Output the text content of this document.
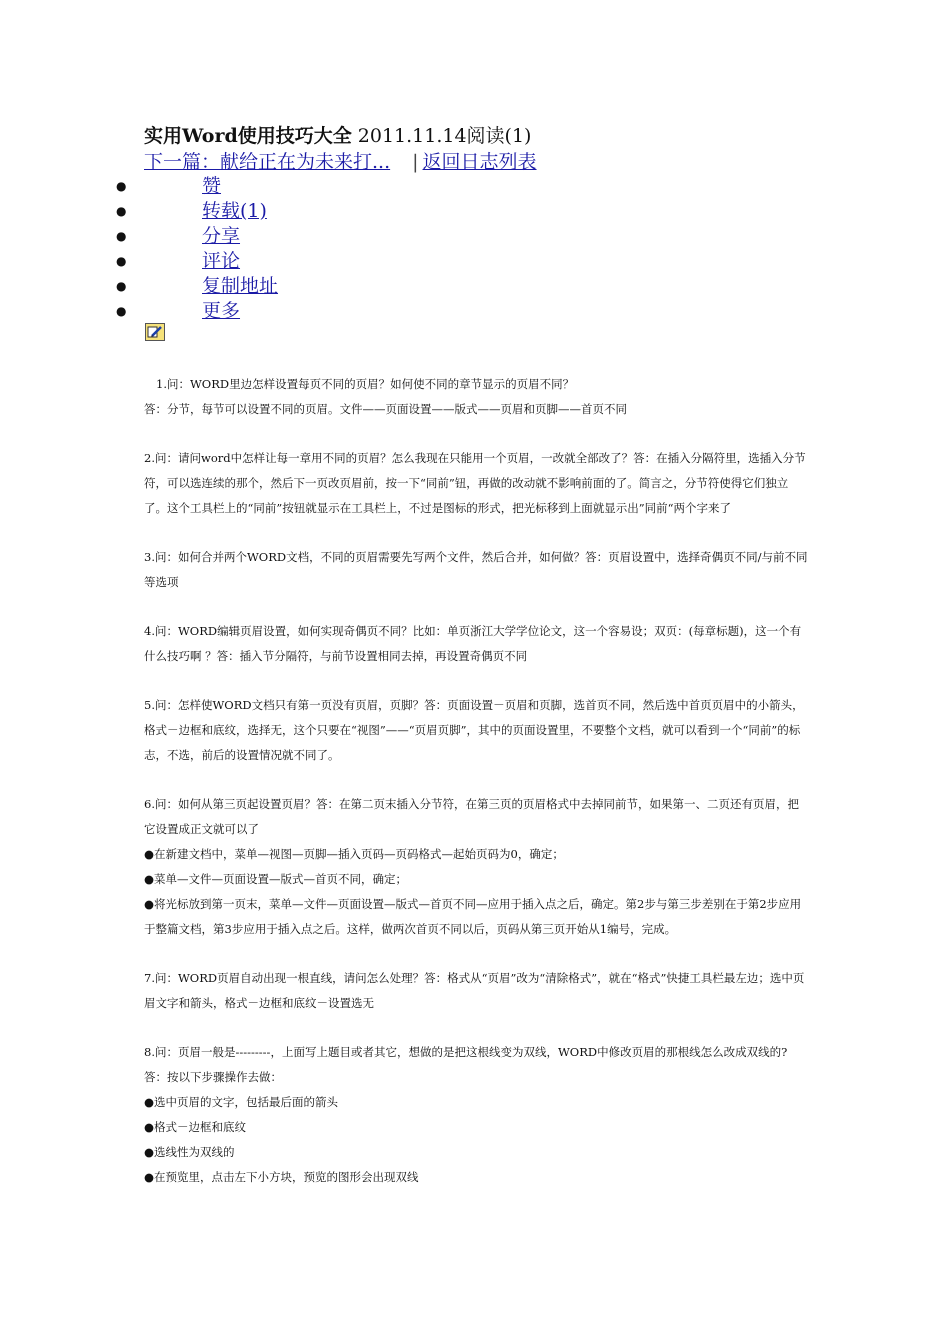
实用Word使用技巧大全 2011.11.14阅读(1)
下一篇：献给正在为未来打... | 返回日志列表
●	赞
●	转载(1)
●	分享
●	评论
●	复制地址
●	更多

1.问：WORD里边怎样设置每页不同的页眉？如何使不同的章节显示的页眉不同？

答：分节，每节可以设置不同的页眉。文件——页面设置——版式——页眉和页脚——首页不同

2.问：请问word中怎样让每一章用不同的页眉？怎么我现在只能用一个页眉，一改就全部改了？答：在插入分隔符里，选插入分节符，可以选连续的那个，然后下一页改页眉前，按一下“同前”钮，再做的改动就不影响前面的了。简言之，分节符使得它们独立了。这个工具栏上的“同前”按钮就显示在工具栏上，不过是图标的形式，把光标移到上面就显示出”同前“两个字来了

3.问：如何合并两个WORD文档，不同的页眉需要先写两个文件，然后合并，如何做？答：页眉设置中，选择奇偶页不同/与前不同等选项

4.问：WORD编辑页眉设置，如何实现奇偶页不同？比如：单页浙江大学学位论文，这一个容易设；双页：(每章标题)，这一个有什么技巧啊 ？答：插入节分隔符，与前节设置相同去掉，再设置奇偶页不同

5.问：怎样使WORD文档只有第一页没有页眉，页脚？答：页面设置－页眉和页脚，选首页不同，然后选中首页页眉中的小箭头，格式－边框和底纹，选择无，这个只要在“视图”——“页眉页脚”，其中的页面设置里，不要整个文档，就可以看到一个“同前”的标志，不选，前后的设置情况就不同了。

6.问：如何从第三页起设置页眉？答：在第二页末插入分节符，在第三页的页眉格式中去掉同前节，如果第一、二页还有页眉，把它设置成正文就可以了

●在新建文档中，菜单—视图—页脚—插入页码—页码格式—起始页码为0，确定；

●菜单—文件—页面设置—版式—首页不同，确定；

●将光标放到第一页末，菜单—文件—页面设置—版式—首页不同—应用于插入点之后，确定。第2步与第三步差别在于第2步应用于整篇文档，第3步应用于插入点之后。这样，做两次首页不同以后，页码从第三页开始从1编号，完成。

7.问：WORD页眉自动出现一根直线，请问怎么处理？答：格式从“页眉”改为“清除格式”，就在“格式”快捷工具栏最左边；选中页眉文字和箭头，格式－边框和底纹－设置选无

8.问：页眉一般是---------，上面写上题目或者其它，想做的是把这根线变为双线，WORD中修改页眉的那根线怎么改成双线的?答：按以下步骤操作去做：

●选中页眉的文字，包括最后面的箭头

●格式－边框和底纹

●选线性为双线的

●在预览里，点击左下小方块，预览的图形会出现双线
